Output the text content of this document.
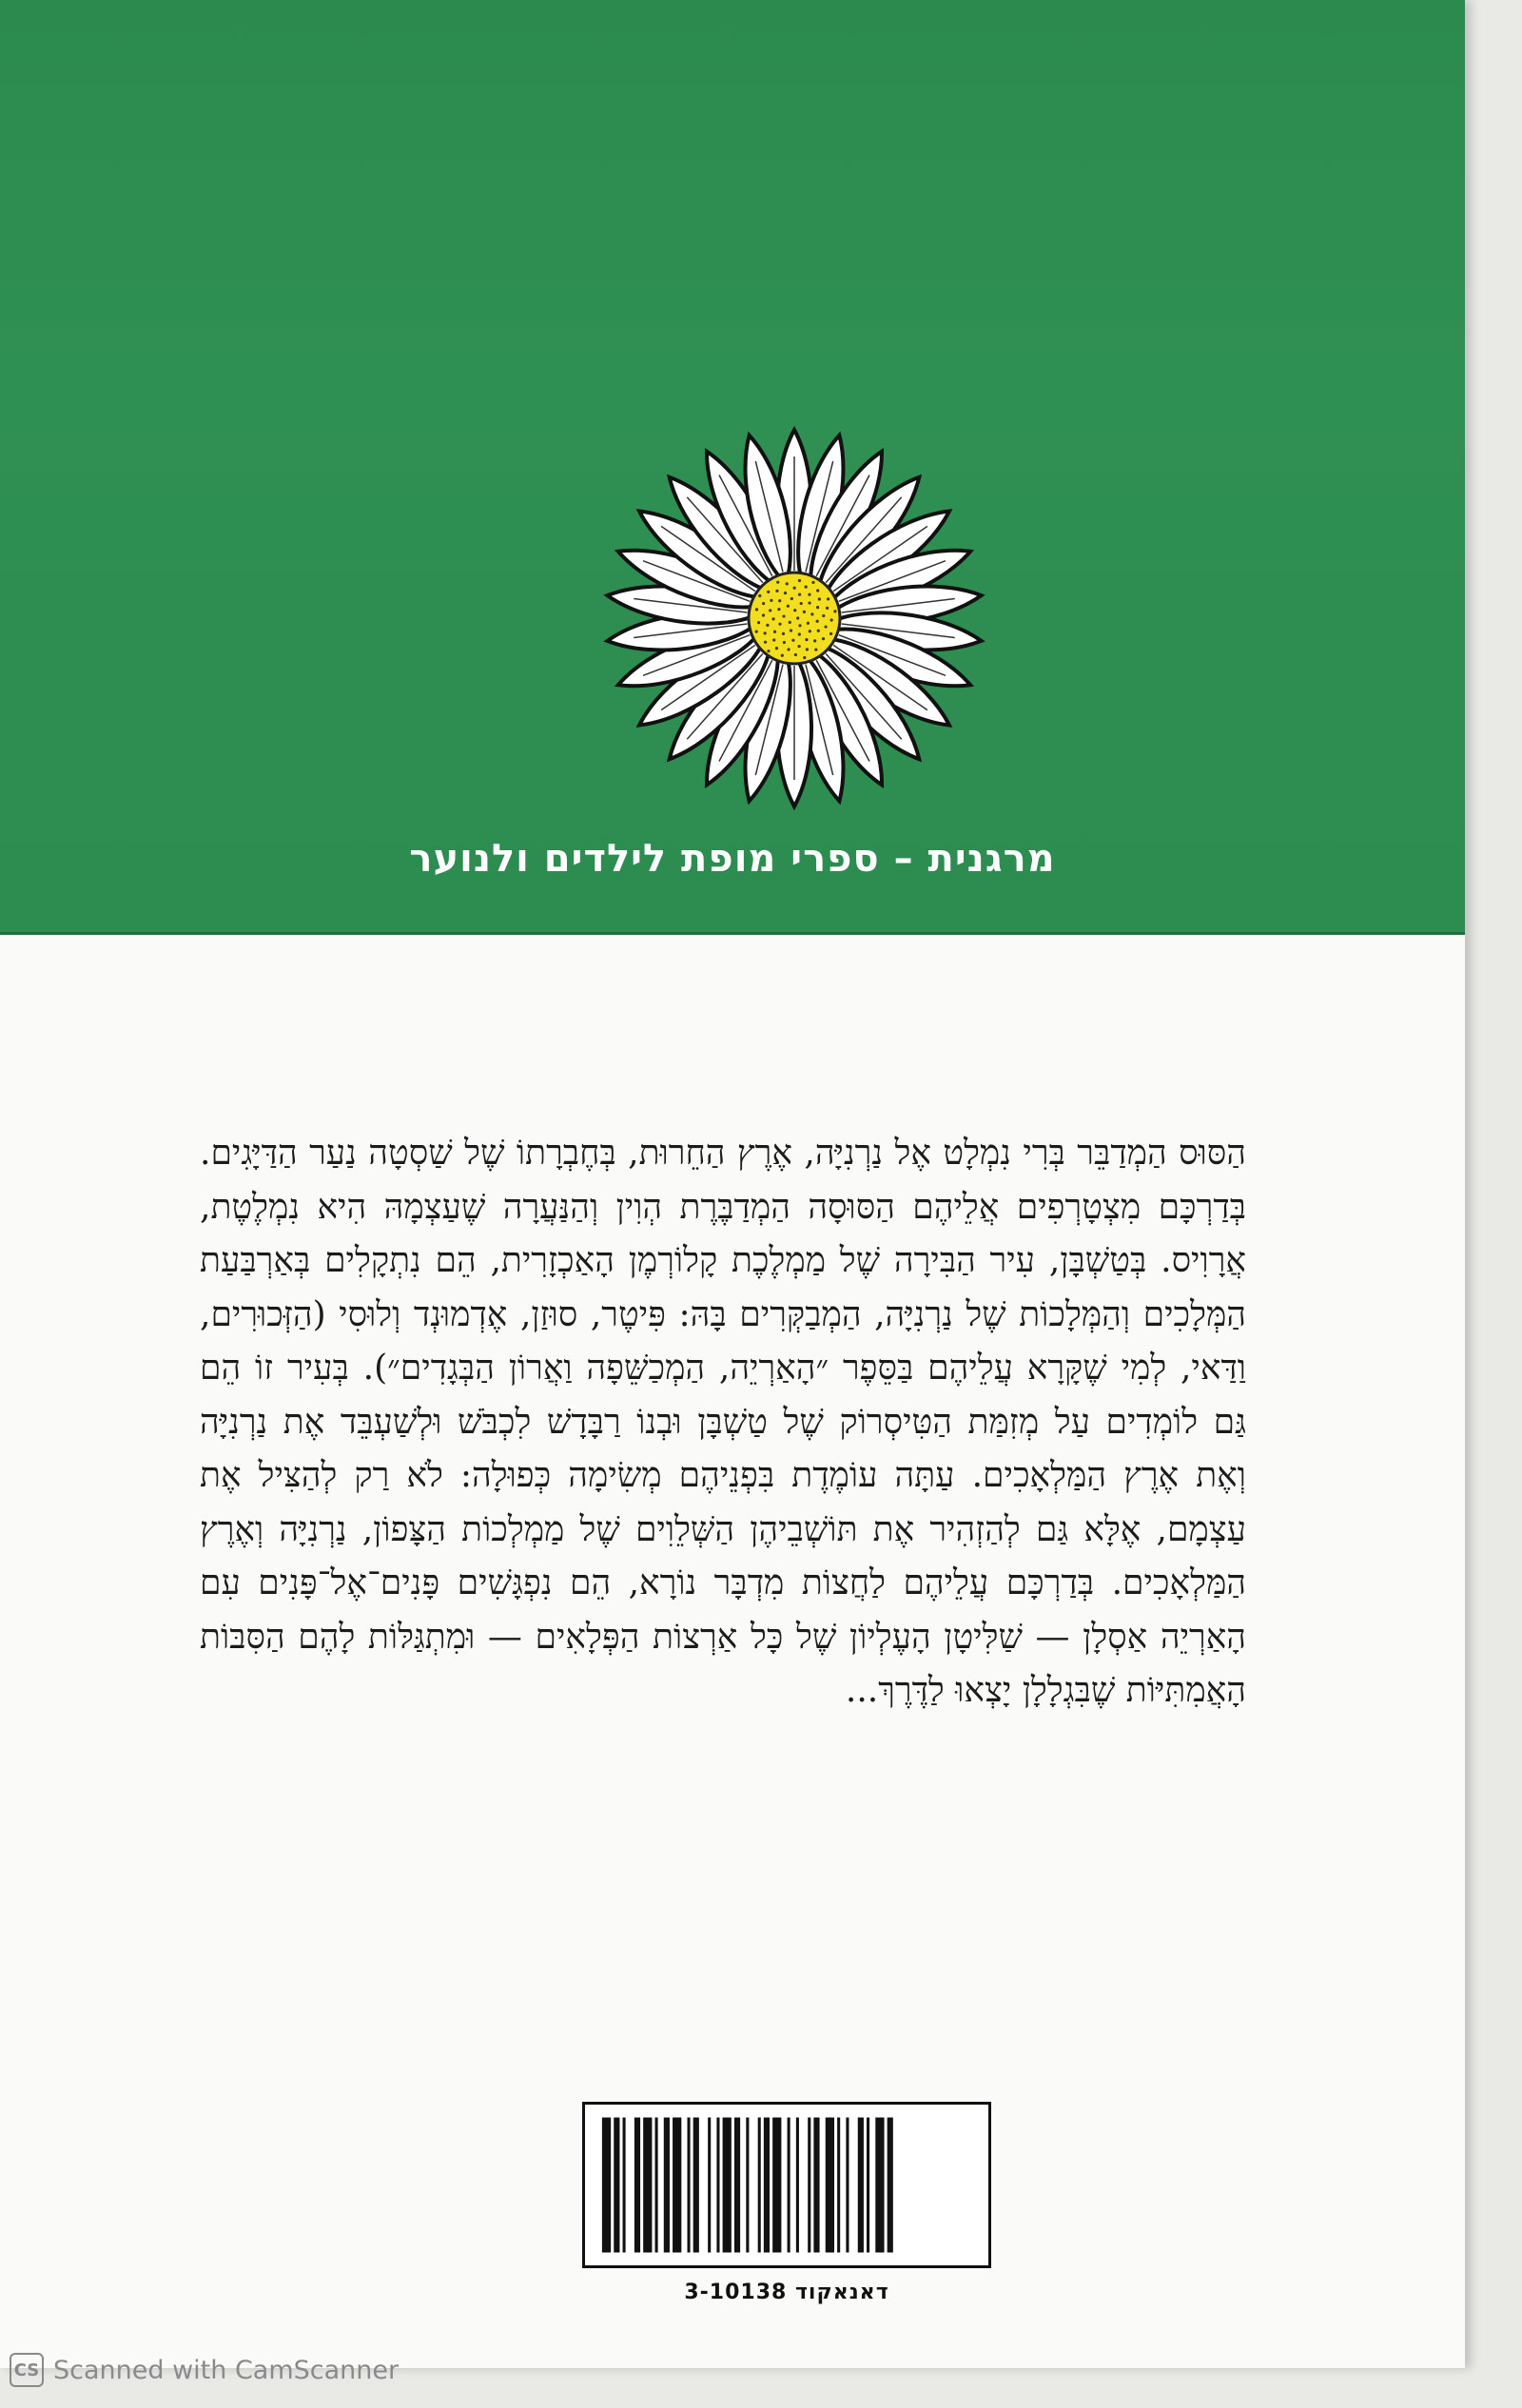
מרגנית – ספרי מופת לילדים ולנוער
הַסּוּס הַמְדַבֵּר בְּרִי נִמְלָט אֶל נַרְנִיָּה, אֶרֶץ הַחֵרוּת, בְּחֶבְרָתוֹ שֶׁל שַׁסְטָה נַעַר הַדַּיָּגִים. בְּדַרְכָּם מִצְטָרְפִים אֲלֵיהֶם הַסּוּסָה הַמְדַבֶּרֶת הְוִין וְהַנַּעֲרָה שֶׁעַצְמָהּ הִיא נִמְלֶטֶת, אֲרָוִיס. בְּטַשְׁבָּן, עִיר הַבִּירָה שֶׁל מַמְלֶכֶת קָלוֹרְמֶן הָאַכְזָרִית, הֵם נִתְקָלִים בְּאַרְבַּעַת הַמְּלָכִים וְהַמְּלָכוֹת שֶׁל נַרְנִיָּה, הַמְבַקְּרִים בָּהּ: פִּיטֶר, סוּזַן, אֶדְמוּנְד וְלוּסִי (הַזְּכוּרִים, וַדַּאי, לְמִי שֶׁקָּרָא עֲלֵיהֶם בַּסֵּפֶר ״הָאַרְיֵה, הַמְכַשֵּׁפָה וַאֲרוֹן הַבְּגָדִים״). בְּעִיר זוֹ הֵם גַּם לוֹמְדִים עַל מְזִמַּת הַטִּיסְרוֹק שֶׁל טַשְׁבָּן וּבְנוֹ רַבָּדָשׁ לִכְבֹּשׁ וּלְשַׁעְבֵּד אֶת נַרְנִיָּה וְאֶת אֶרֶץ הַמַּלְאָכִים. עַתָּה עוֹמֶדֶת בִּפְנֵיהֶם מְשִׂימָה כְּפוּלָה: לֹא רַק לְהַצִּיל אֶת עַצְמָם, אֶלָּא גַּם לְהַזְהִיר אֶת תּוֹשְׁבֵיהֶן הַשְּׁלֵוִים שֶׁל מַמְלְכוֹת הַצָּפוֹן, נַרְנִיָּה וְאֶרֶץ הַמַּלְאָכִים. בְּדַרְכָּם עֲלֵיהֶם לַחֲצוֹת מִדְבָּר נוֹרָא, הֵם נִפְגָּשִׁים פָּנִים־אֶל־פָּנִים עִם הָאַרְיֵה אַסְלָן — שַׁלִּיטָן הָעֶלְיוֹן שֶׁל כָּל אַרְצוֹת הַפְּלָאִים — וּמִתְגַּלּוֹת לָהֶם הַסִּבּוֹת הָאֲמִתִּיּוֹת שֶׁבִּגְלָלָן יָצְאוּ לַדֶּרֶךְ...
דאנאקוד 3-10138
CS Scanned with CamScanner
